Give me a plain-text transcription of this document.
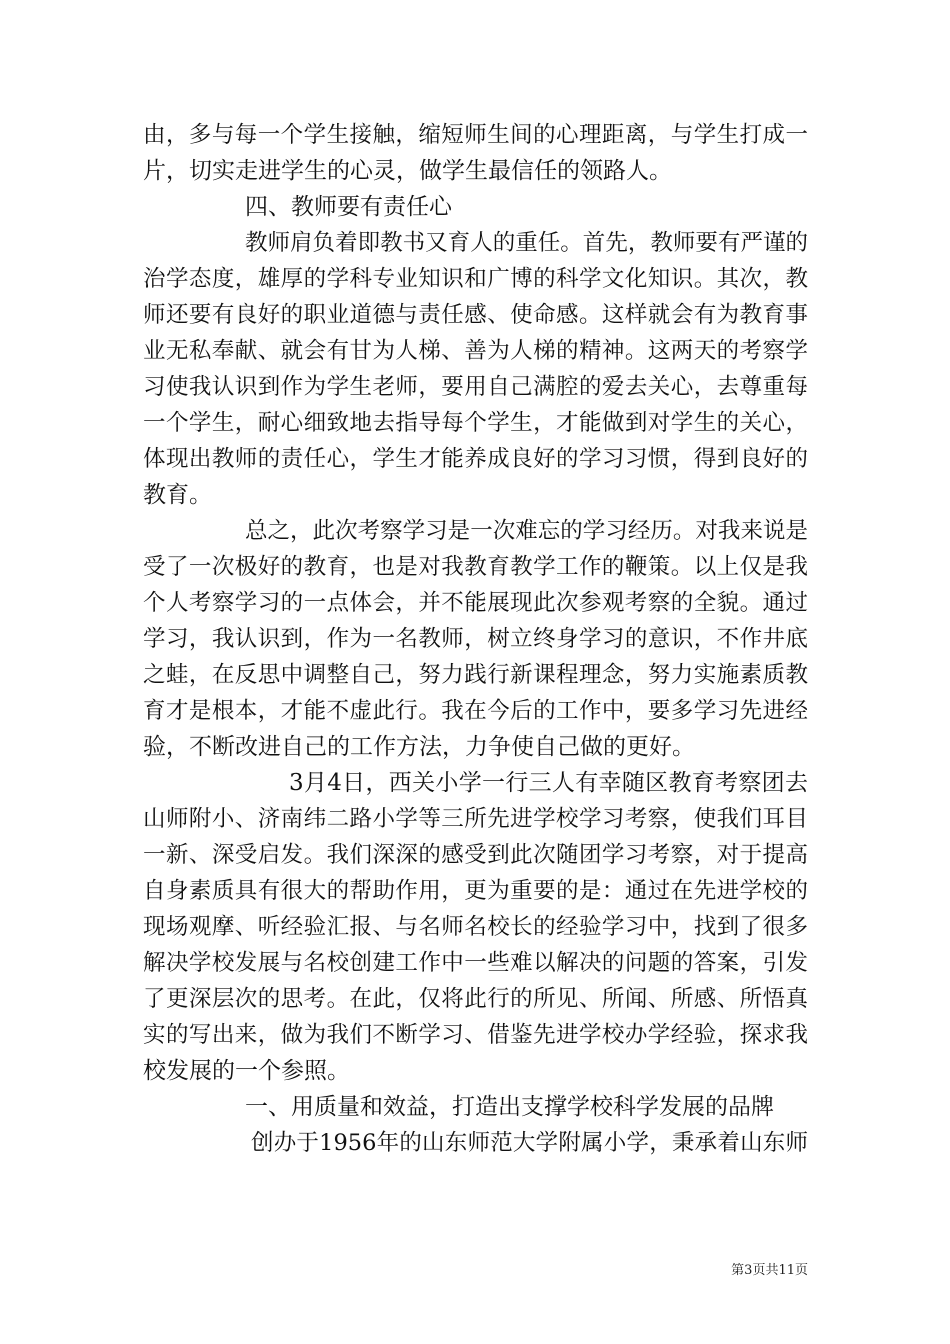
由，多与每一个学生接触，缩短师生间的心理距离，与学生打成一
片，切实走进学生的心灵，做学生最信任的领路人。
四、教师要有责任心
教师肩负着即教书又育人的重任。首先，教师要有严谨的
治学态度，雄厚的学科专业知识和广博的科学文化知识。其次，教
师还要有良好的职业道德与责任感、使命感。这样就会有为教育事
业无私奉献、就会有甘为人梯、善为人梯的精神。这两天的考察学
习使我认识到作为学生老师，要用自己满腔的爱去关心，去尊重每
一个学生，耐心细致地去指导每个学生，才能做到对学生的关心，
体现出教师的责任心，学生才能养成良好的学习习惯，得到良好的
教育。
总之，此次考察学习是一次难忘的学习经历。对我来说是
受了一次极好的教育，也是对我教育教学工作的鞭策。以上仅是我
个人考察学习的一点体会，并不能展现此次参观考察的全貌。通过
学习，我认识到，作为一名教师，树立终身学习的意识，不作井底
之蛙，在反思中调整自己，努力践行新课程理念，努力实施素质教
育才是根本，才能不虚此行。我在今后的工作中，要多学习先进经
验，不断改进自己的工作方法，力争使自己做的更好。
3月4日，西关小学一行三人有幸随区教育考察团去
山师附小、济南纬二路小学等三所先进学校学习考察，使我们耳目
一新、深受启发。我们深深的感受到此次随团学习考察，对于提高
自身素质具有很大的帮助作用，更为重要的是：通过在先进学校的
现场观摩、听经验汇报、与名师名校长的经验学习中，找到了很多
解决学校发展与名校创建工作中一些难以解决的问题的答案，引发
了更深层次的思考。在此，仅将此行的所见、所闻、所感、所悟真
实的写出来，做为我们不断学习、借鉴先进学校办学经验，探求我
校发展的一个参照。
一、用质量和效益，打造出支撑学校科学发展的品牌
创办于1956年的山东师范大学附属小学，秉承着山东师
第3页共11页
